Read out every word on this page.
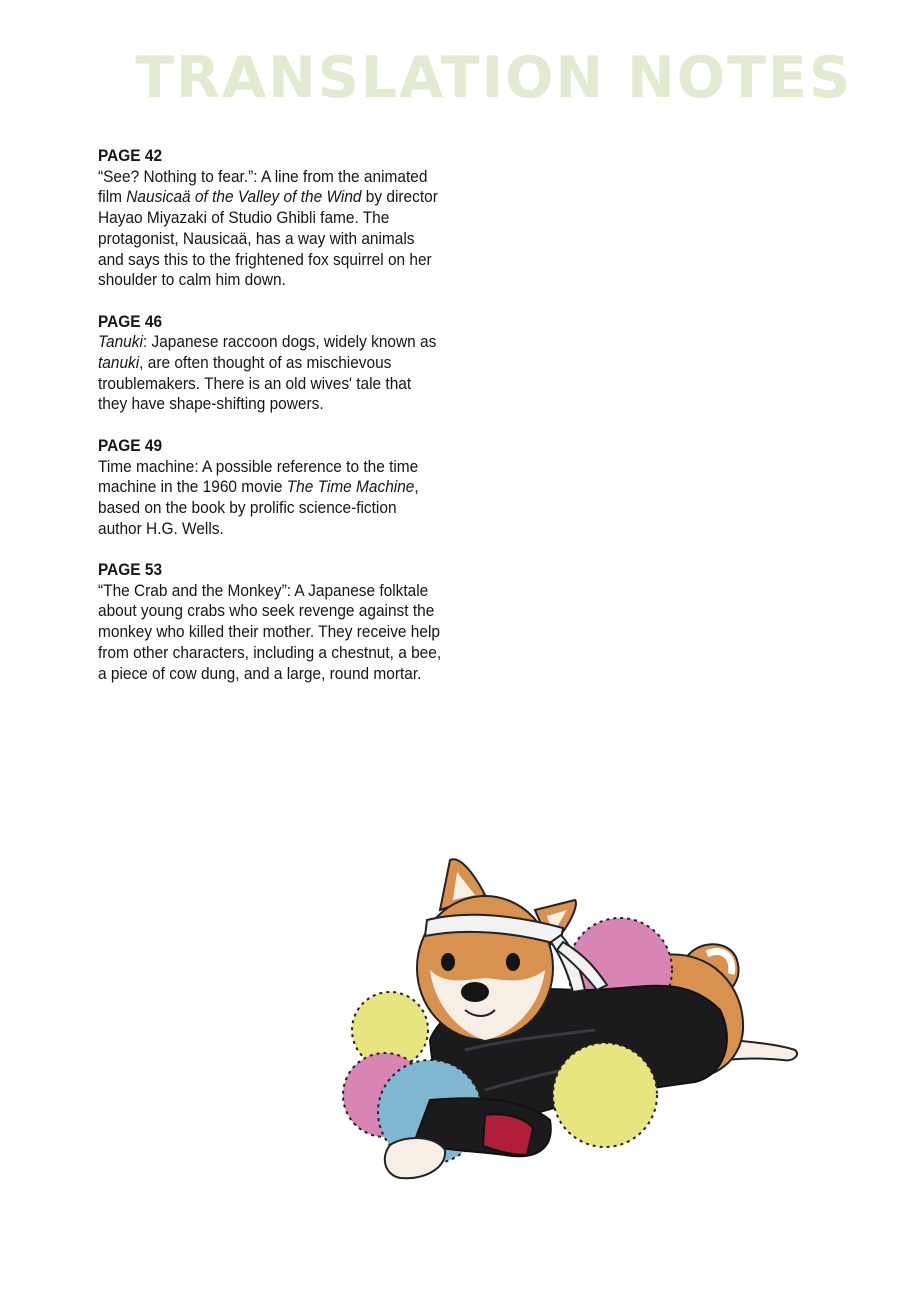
TRANSLATION NOTES
PAGE 42
“See? Nothing to fear.”: A line from the animated film Nausicaä of the Valley of the Wind by director Hayao Miyazaki of Studio Ghibli fame. The protagonist, Nausicaä, has a way with animals and says this to the frightened fox squirrel on her shoulder to calm him down.
PAGE 46
Tanuki: Japanese raccoon dogs, widely known as tanuki, are often thought of as mischievous troublemakers. There is an old wives' tale that they have shape-shifting powers.
PAGE 49
Time machine: A possible reference to the time machine in the 1960 movie The Time Machine, based on the book by prolific science-fiction author H.G. Wells.
PAGE 53
“The Crab and the Monkey”: A Japanese folktale about young crabs who seek revenge against the monkey who killed their mother. They receive help from other characters, including a chestnut, a bee, a piece of cow dung, and a large, round mortar.
